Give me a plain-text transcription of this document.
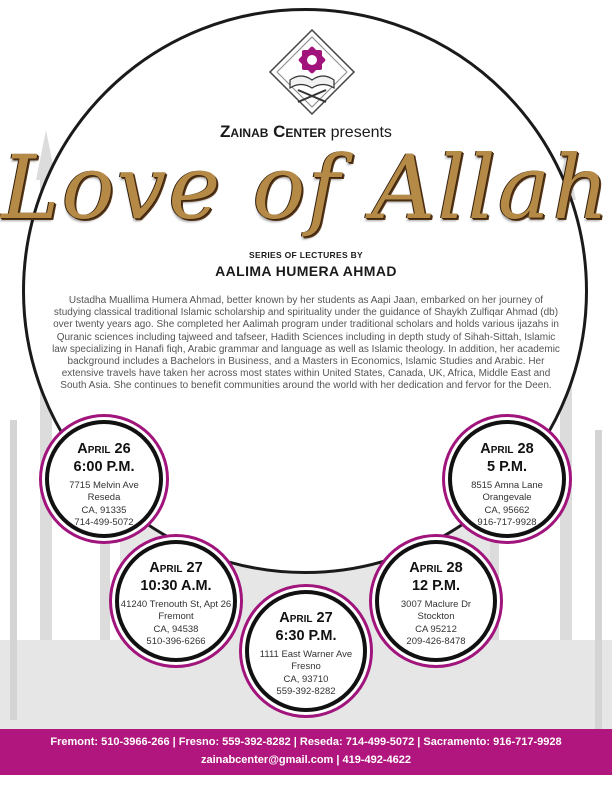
Zainab Center presents
Love of Allah
SERIES OF LECTURES BY
AALIMA HUMERA AHMAD
Ustadha Muallima Humera Ahmad, better known by her students as Aapi Jaan, embarked on her journey of studying classical traditional Islamic scholarship and spirituality under the guidance of Shaykh Zulfiqar Ahmad (db) over twenty years ago. She completed her Aalimah program under traditional scholars and holds various ijazahs in Quranic sciences including tajweed and tafseer, Hadith Sciences including in depth study of Sihah-Sittah, Islamic law specializing in Hanafi fiqh, Arabic grammar and language as well as Islamic theology. In addition, her academic background includes a Bachelors in Business, and a Masters in Economics, Islamic Studies and Arabic. Her extensive travels have taken her across most states within United States, Canada, UK, Africa, Middle East and South Asia. She continues to benefit communities around the world with her dedication and fervor for the Deen.
April 26
6:00 P.M.
7715 Melvin Ave
Reseda
CA, 91335
714-499-5072
April 27
10:30 A.M.
41240 Trenouth St, Apt 26
Fremont
CA, 94538
510-396-6266
April 27
6:30 P.M.
1111 East Warner Ave
Fresno
CA, 93710
559-392-8282
April 28
12 P.M.
3007 Maclure Dr
Stockton
CA 95212
209-426-8478
April 28
5 P.M.
8515 Amna Lane
Orangevale
CA, 95662
916-717-9928
Fremont: 510-3966-266 | Fresno: 559-392-8282 | Reseda: 714-499-5072 | Sacramento: 916-717-9928
zainabcenter@gmail.com | 419-492-4622
